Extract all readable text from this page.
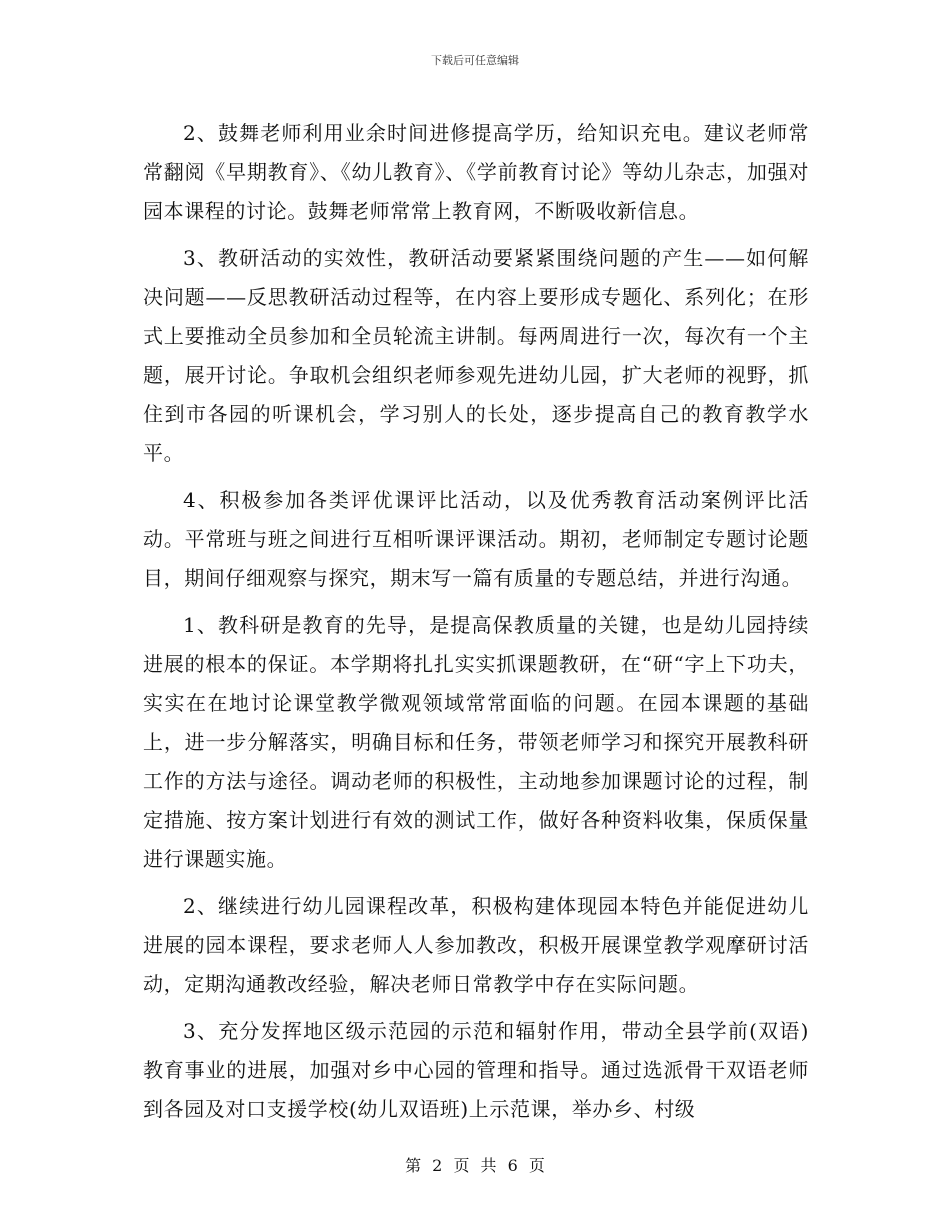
下载后可任意编辑

2、鼓舞老师利用业余时间进修提高学历，给知识充电。建议老师常常翻阅《早期教育》、《幼儿教育》、《学前教育讨论》等幼儿杂志，加强对园本课程的讨论。鼓舞老师常常上教育网，不断吸收新信息。

3、教研活动的实效性，教研活动要紧紧围绕问题的产生——如何解决问题——反思教研活动过程等，在内容上要形成专题化、系列化；在形式上要推动全员参加和全员轮流主讲制。每两周进行一次，每次有一个主题，展开讨论。争取机会组织老师参观先进幼儿园，扩大老师的视野，抓住到市各园的听课机会，学习别人的长处，逐步提高自己的教育教学水平。

4、积极参加各类评优课评比活动，以及优秀教育活动案例评比活动。平常班与班之间进行互相听课评课活动。期初，老师制定专题讨论题目，期间仔细观察与探究，期末写一篇有质量的专题总结，并进行沟通。

1、教科研是教育的先导，是提高保教质量的关键，也是幼儿园持续进展的根本的保证。本学期将扎扎实实抓课题教研，在“研“字上下功夫，实实在在地讨论课堂教学微观领域常常面临的问题。在园本课题的基础上，进一步分解落实，明确目标和任务，带领老师学习和探究开展教科研工作的方法与途径。调动老师的积极性，主动地参加课题讨论的过程，制定措施、按方案计划进行有效的测试工作，做好各种资料收集，保质保量进行课题实施。

2、继续进行幼儿园课程改革，积极构建体现园本特色并能促进幼儿进展的园本课程，要求老师人人参加教改，积极开展课堂教学观摩研讨活动，定期沟通教改经验，解决老师日常教学中存在实际问题。

3、充分发挥地区级示范园的示范和辐射作用，带动全县学前(双语)教育事业的进展，加强对乡中心园的管理和指导。通过选派骨干双语老师到各园及对口支援学校(幼儿双语班)上示范课，举办乡、村级

第 2 页 共 6 页
